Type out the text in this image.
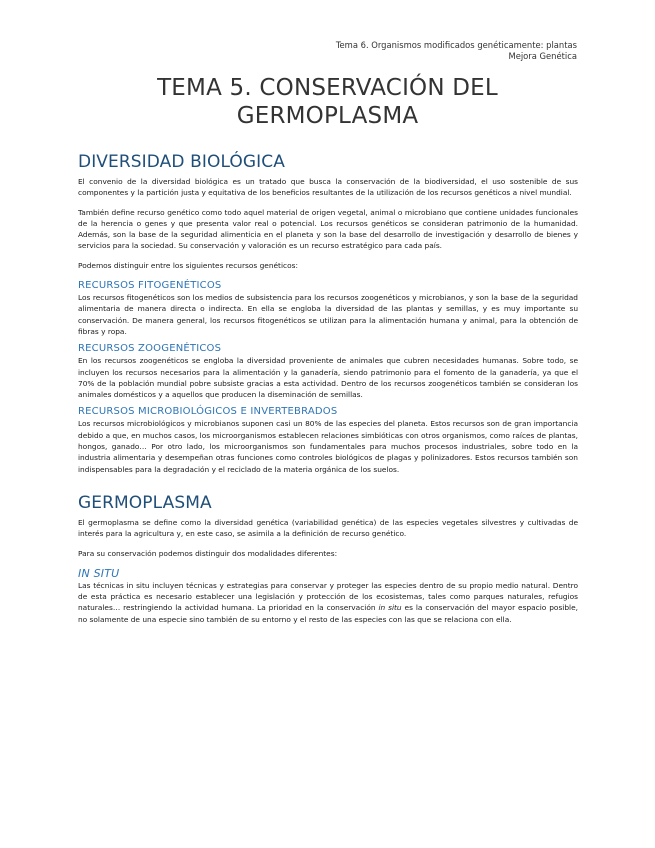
Tema 6. Organismos modificados genéticamente: plantas
Mejora Genética
TEMA 5. CONSERVACIÓN DEL
GERMOPLASMA
DIVERSIDAD BIOLÓGICA

El convenio de la diversidad biológica es un tratado que busca la conservación de la biodiversidad, el uso sostenible de sus componentes y la partición justa y equitativa de los beneficios resultantes de la utilización de los recursos genéticos a nivel mundial.

También define recurso genético como todo aquel material de origen vegetal, animal o microbiano que contiene unidades funcionales de la herencia o genes y que presenta valor real o potencial. Los recursos genéticos se consideran patrimonio de la humanidad. Además, son la base de la seguridad alimenticia en el planeta y son la base del desarrollo de investigación y desarrollo de bienes y servicios para la sociedad. Su conservación y valoración es un recurso estratégico para cada país.

Podemos distinguir entre los siguientes recursos genéticos:

RECURSOS FITOGENÉTICOS

Los recursos fitogenéticos son los medios de subsistencia para los recursos zoogenéticos y microbianos, y son la base de la seguridad alimentaria de manera directa o indirecta. En ella se engloba la diversidad de las plantas y semillas, y es muy importante su conservación. De manera general, los recursos fitogenéticos se utilizan para la alimentación humana y animal, para la obtención de fibras y ropa.

RECURSOS ZOOGENÉTICOS

En los recursos zoogenéticos se engloba la diversidad proveniente de animales que cubren necesidades humanas. Sobre todo, se incluyen los recursos necesarios para la alimentación y la ganadería, siendo patrimonio para el fomento de la ganadería, ya que el 70% de la población mundial pobre subsiste gracias a esta actividad. Dentro de los recursos zoogenéticos también se consideran los animales domésticos y a aquellos que producen la diseminación de semillas.

RECURSOS MICROBIOLÓGICOS E INVERTEBRADOS

Los recursos microbiológicos y microbianos suponen casi un 80% de las especies del planeta. Estos recursos son de gran importancia debido a que, en muchos casos, los microorganismos establecen relaciones simbióticas con otros organismos, como raíces de plantas, hongos, ganado… Por otro lado, los microorganismos son fundamentales para muchos procesos industriales, sobre todo en la industria alimentaria y desempeñan otras funciones como controles biológicos de plagas y polinizadores. Estos recursos también son indispensables para la degradación y el reciclado de la materia orgánica de los suelos.

GERMOPLASMA

El germoplasma se define como la diversidad genética (variabilidad genética) de las especies vegetales silvestres y cultivadas de interés para la agricultura y, en este caso, se asimila a la definición de recurso genético.

Para su conservación podemos distinguir dos modalidades diferentes:

IN SITU

Las técnicas in situ incluyen técnicas y estrategias para conservar y proteger las especies dentro de su propio medio natural. Dentro de esta práctica es necesario establecer una legislación y protección de los ecosistemas, tales como parques naturales, refugios naturales… restringiendo la actividad humana. La prioridad en la conservación in situ es la conservación del mayor espacio posible, no solamente de una especie sino también de su entorno y el resto de las especies con las que se relaciona con ella.
